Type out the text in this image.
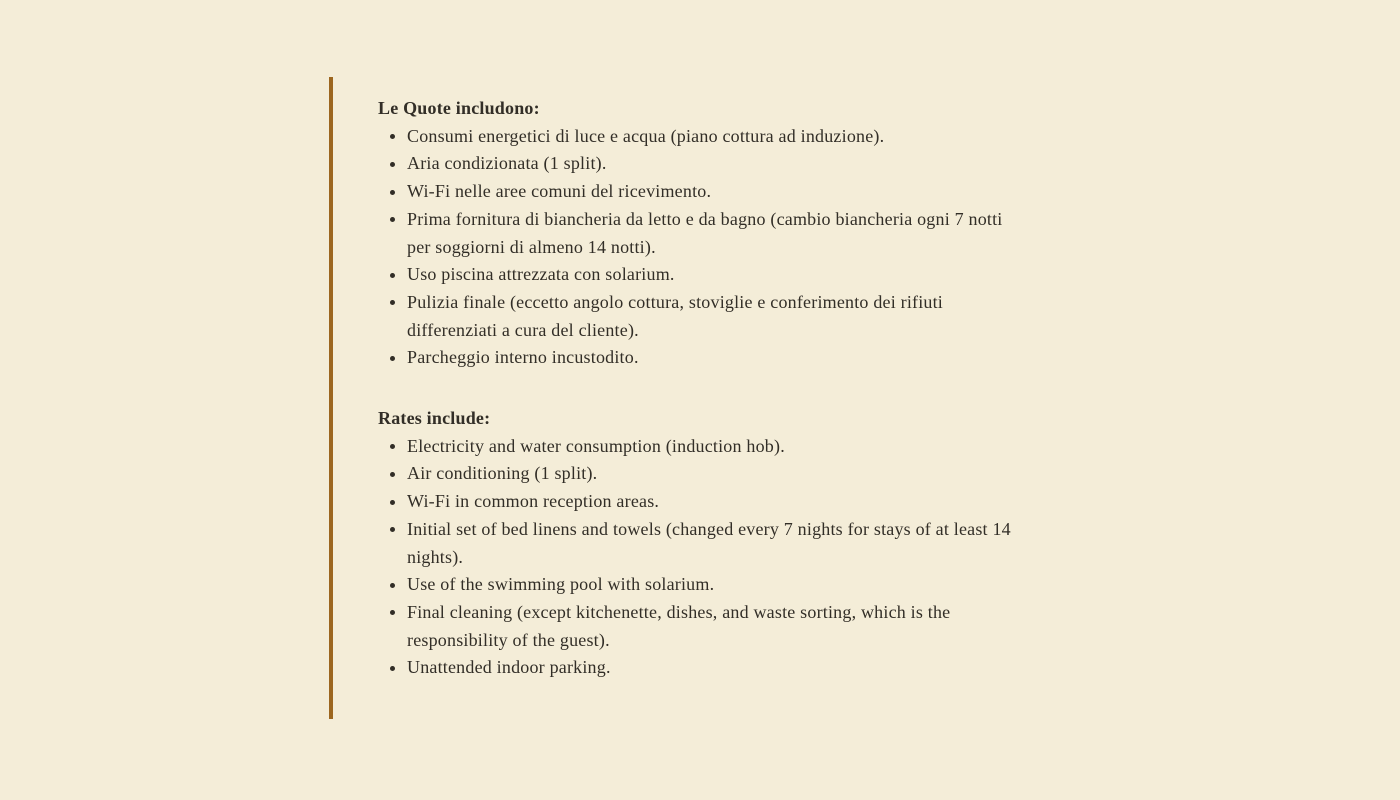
Le Quote includono:

Consumi energetici di luce e acqua (piano cottura ad induzione).
Aria condizionata (1 split).
Wi-Fi nelle aree comuni del ricevimento.
Prima fornitura di biancheria da letto e da bagno (cambio biancheria ogni 7 notti per soggiorni di almeno 14 notti).
Uso piscina attrezzata con solarium.
Pulizia finale (eccetto angolo cottura, stoviglie e conferimento dei rifiuti differenziati a cura del cliente).
Parcheggio interno incustodito.

Rates include:

Electricity and water consumption (induction hob).
Air conditioning (1 split).
Wi-Fi in common reception areas.
Initial set of bed linens and towels (changed every 7 nights for stays of at least 14 nights).
Use of the swimming pool with solarium.
Final cleaning (except kitchenette, dishes, and waste sorting, which is the responsibility of the guest).
Unattended indoor parking.
